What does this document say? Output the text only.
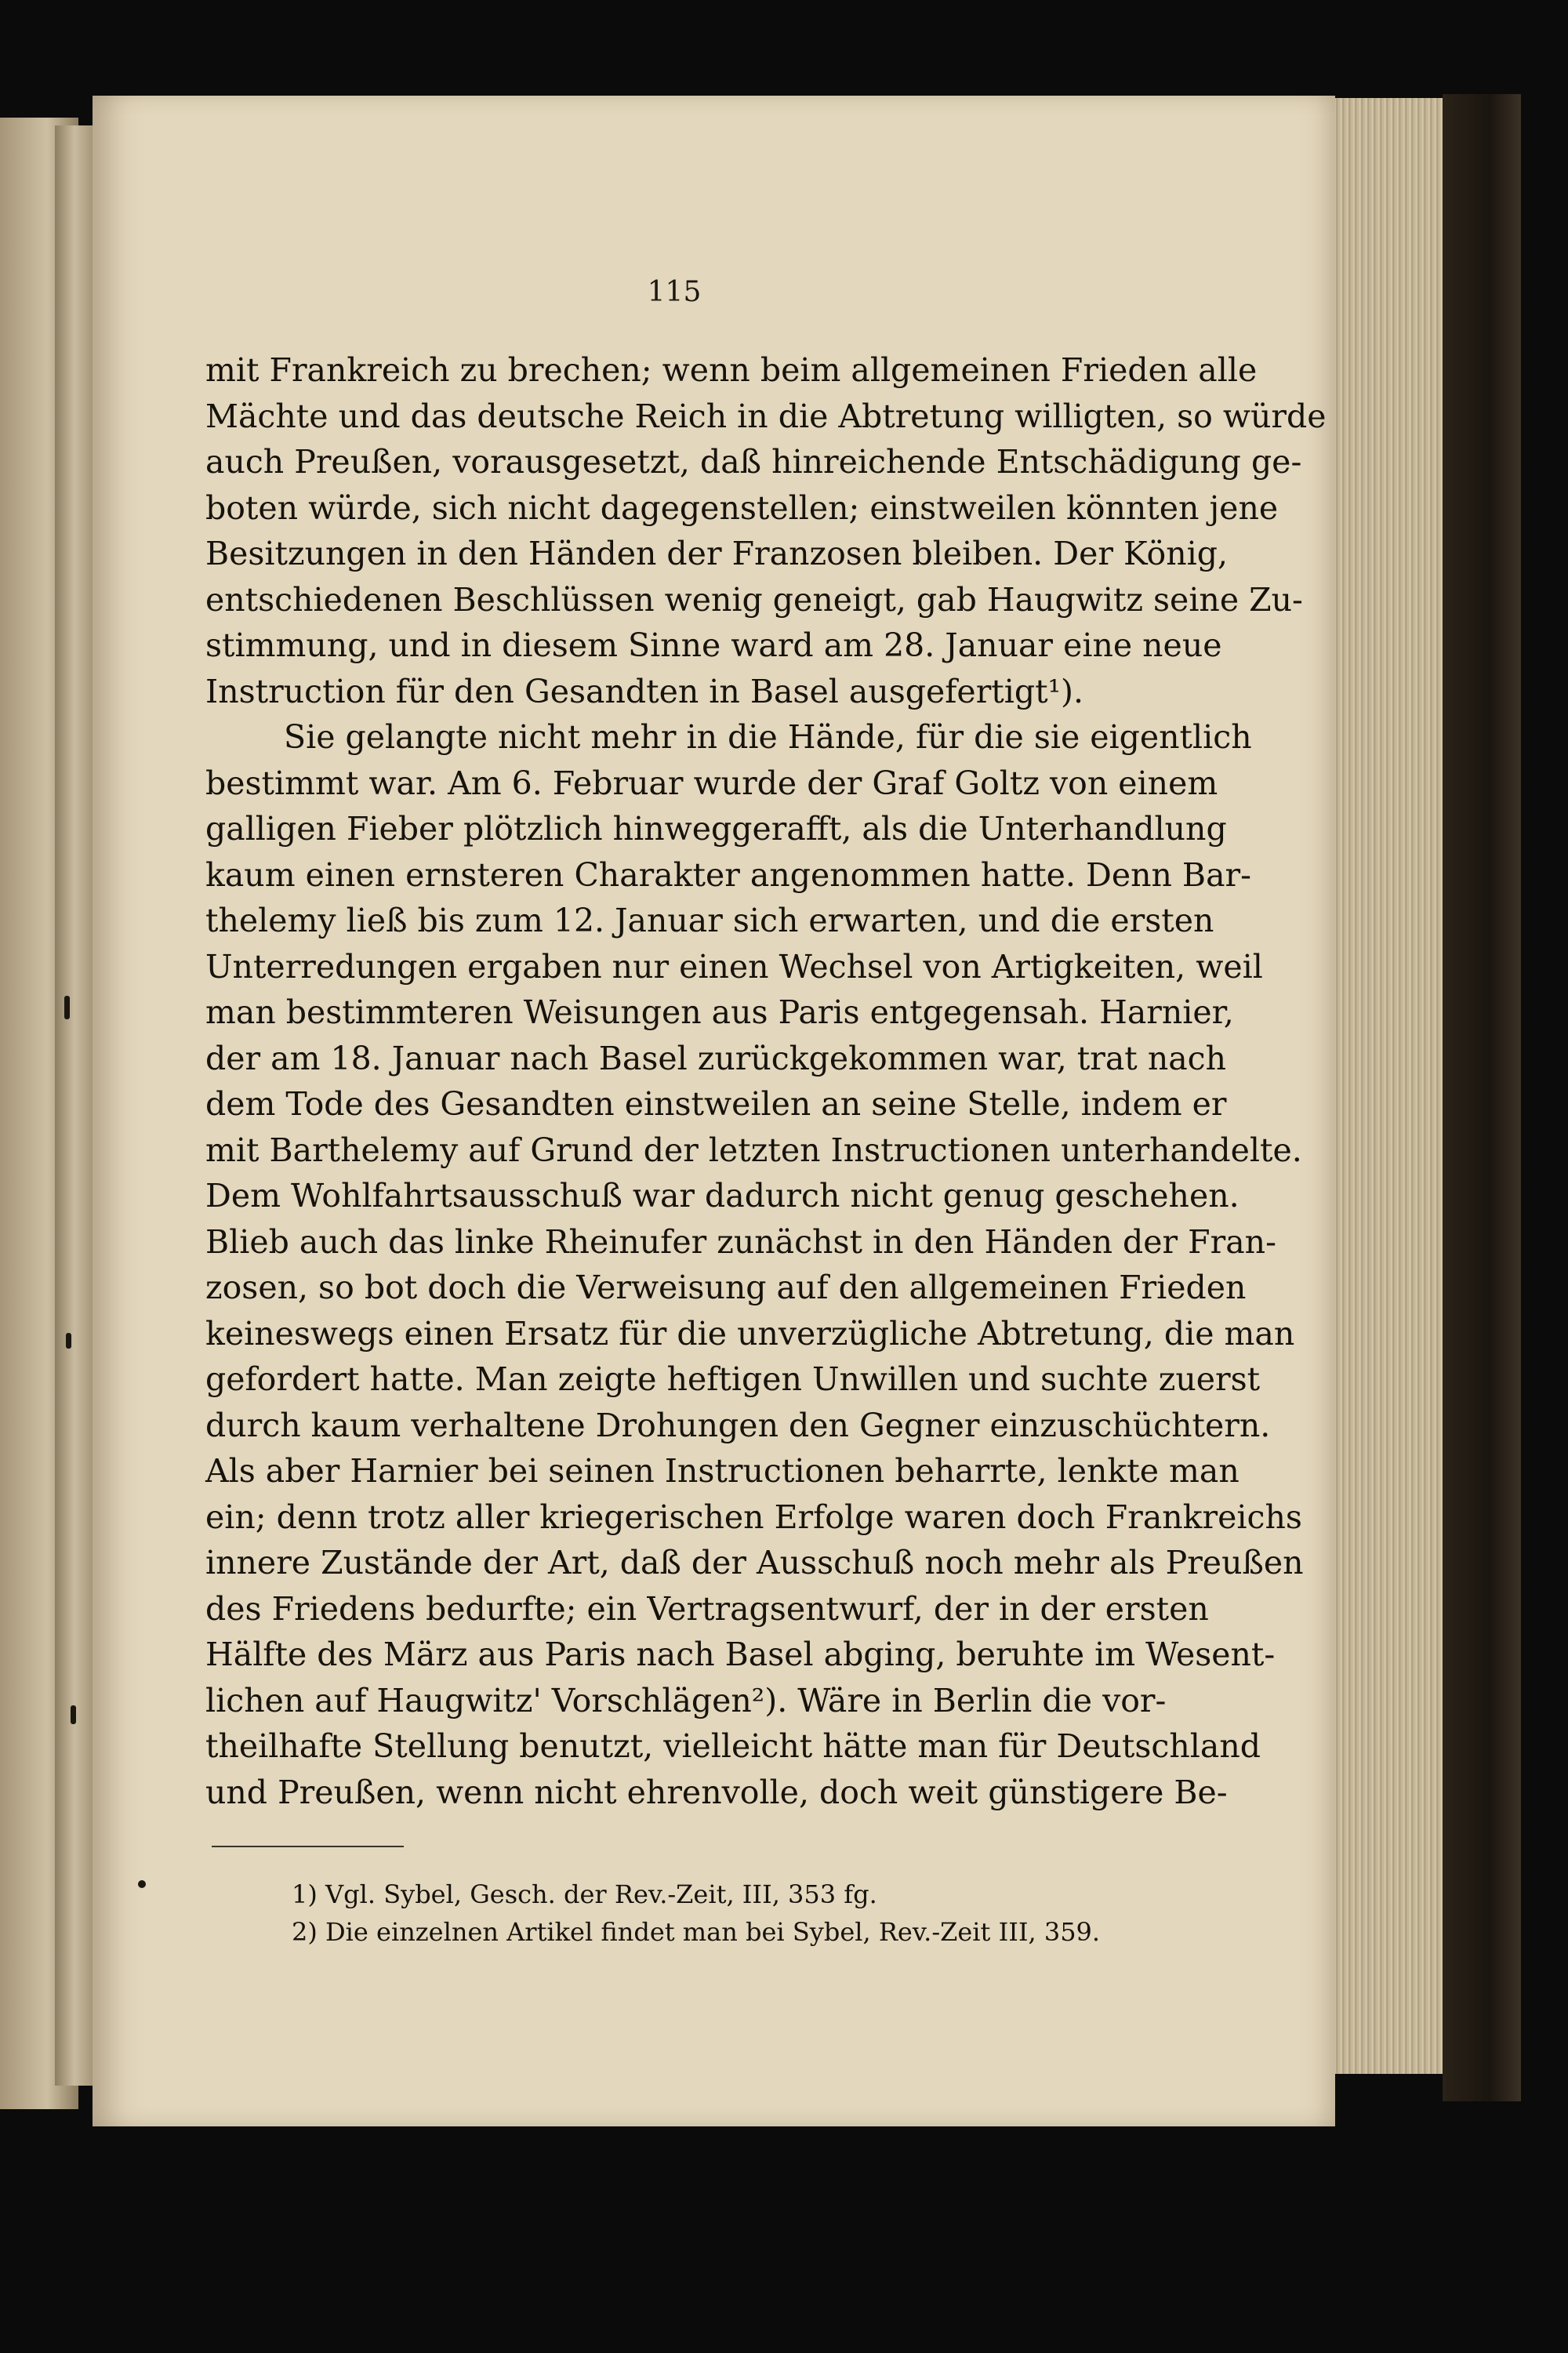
115
mit Frankreich zu brechen; wenn beim allgemeinen Frieden alle
Mächte und das deutsche Reich in die Abtretung willigten, so würde
auch Preußen, vorausgesetzt, daß hinreichende Entschädigung ge-
boten würde, sich nicht dagegenstellen; einstweilen könnten jene
Besitzungen in den Händen der Franzosen bleiben. Der König,
entschiedenen Beschlüssen wenig geneigt, gab Haugwitz seine Zu-
stimmung, und in diesem Sinne ward am 28. Januar eine neue
Instruction für den Gesandten in Basel ausgefertigt¹).
Sie gelangte nicht mehr in die Hände, für die sie eigentlich
bestimmt war. Am 6. Februar wurde der Graf Goltz von einem
galligen Fieber plötzlich hinweggerafft, als die Unterhandlung
kaum einen ernsteren Charakter angenommen hatte. Denn Bar-
thelemy ließ bis zum 12. Januar sich erwarten, und die ersten
Unterredungen ergaben nur einen Wechsel von Artigkeiten, weil
man bestimmteren Weisungen aus Paris entgegensah. Harnier,
der am 18. Januar nach Basel zurückgekommen war, trat nach
dem Tode des Gesandten einstweilen an seine Stelle, indem er
mit Barthelemy auf Grund der letzten Instructionen unterhandelte.
Dem Wohlfahrtsausschuß war dadurch nicht genug geschehen.
Blieb auch das linke Rheinufer zunächst in den Händen der Fran-
zosen, so bot doch die Verweisung auf den allgemeinen Frieden
keineswegs einen Ersatz für die unverzügliche Abtretung, die man
gefordert hatte. Man zeigte heftigen Unwillen und suchte zuerst
durch kaum verhaltene Drohungen den Gegner einzuschüchtern.
Als aber Harnier bei seinen Instructionen beharrte, lenkte man
ein; denn trotz aller kriegerischen Erfolge waren doch Frankreichs
innere Zustände der Art, daß der Ausschuß noch mehr als Preußen
des Friedens bedurfte; ein Vertragsentwurf, der in der ersten
Hälfte des März aus Paris nach Basel abging, beruhte im Wesent-
lichen auf Haugwitz' Vorschlägen²). Wäre in Berlin die vor-
theilhafte Stellung benutzt, vielleicht hätte man für Deutschland
und Preußen, wenn nicht ehrenvolle, doch weit günstigere Be-
1) Vgl. Sybel, Gesch. der Rev.-Zeit, III, 353 fg.
2) Die einzelnen Artikel findet man bei Sybel, Rev.-Zeit III, 359.
